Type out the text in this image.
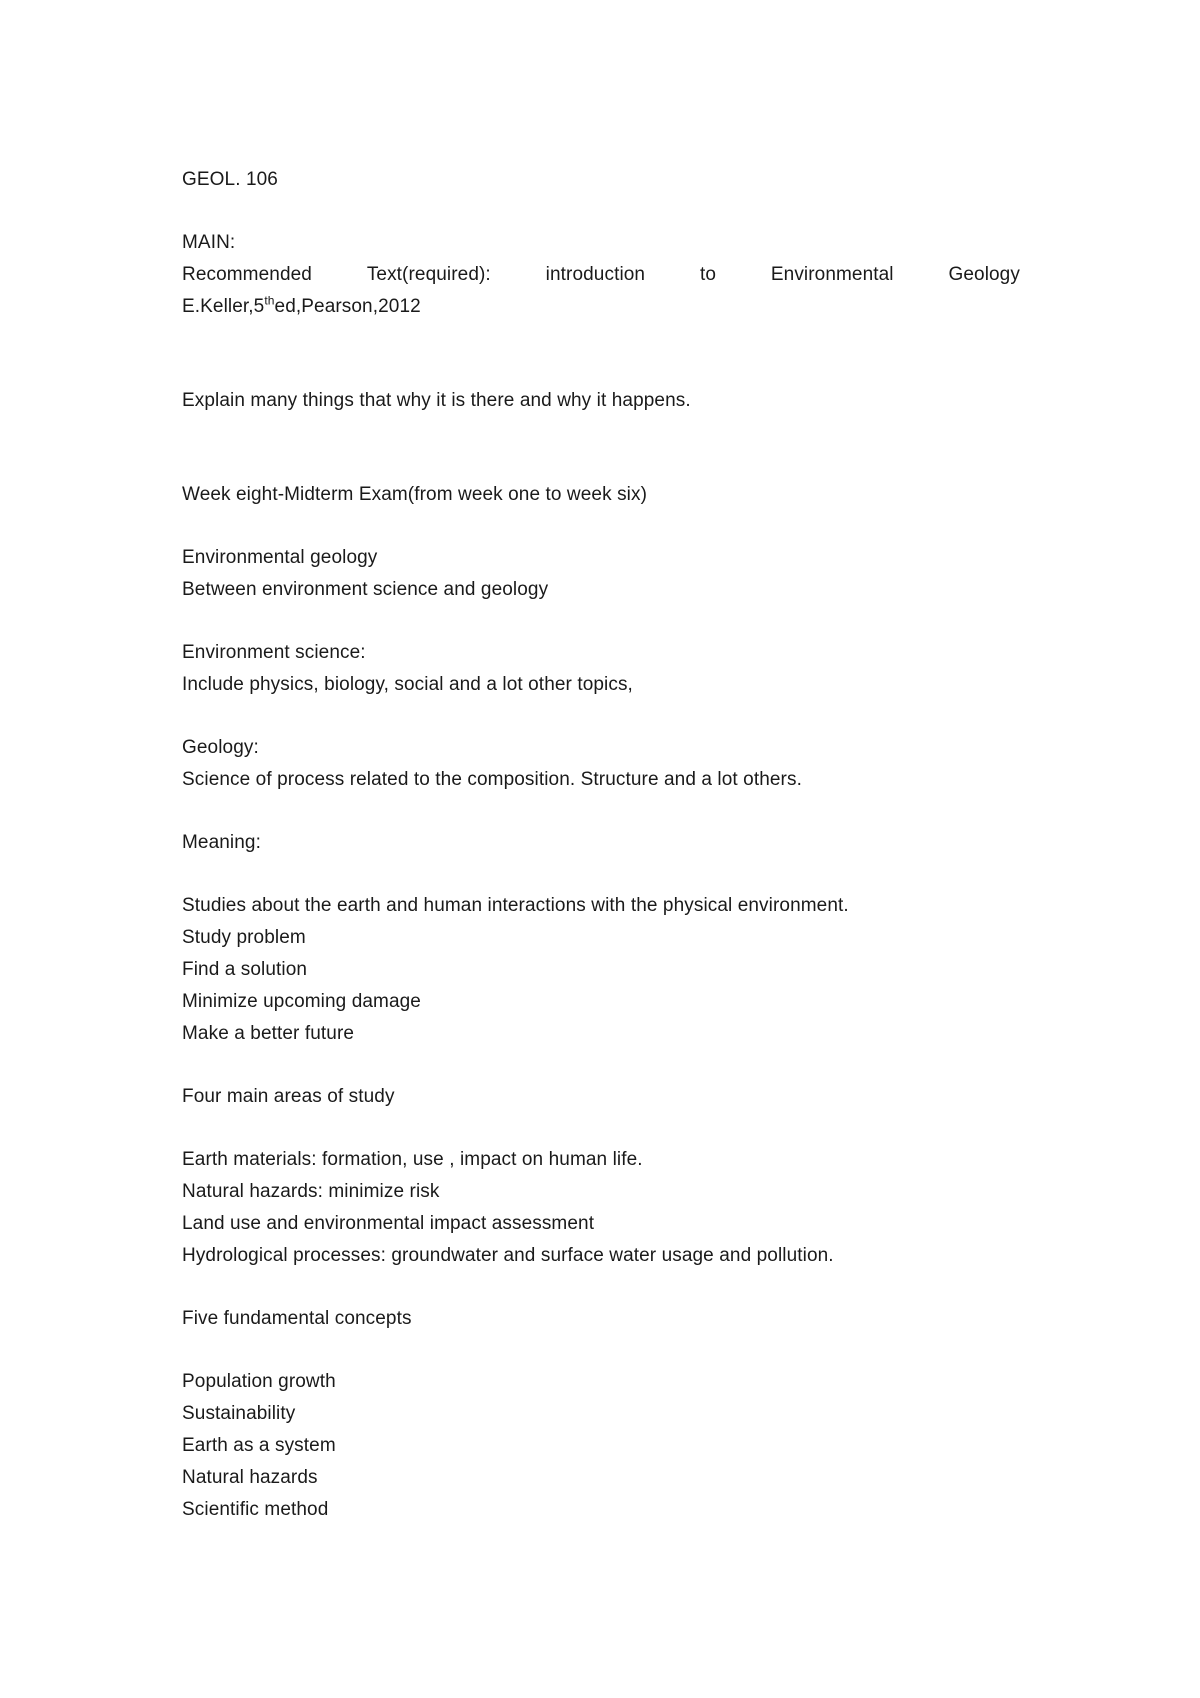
GEOL. 106
MAIN:
Recommended	Text(required):	introduction	to	Environmental	Geology
E.Keller,5thed,Pearson,2012
Explain many things that why it is there and why it happens.
Week eight-Midterm Exam(from week one to week six)
Environmental geology
Between environment science and geology
Environment science:
Include physics, biology, social and a lot other topics,
Geology:
Science of process related to the composition. Structure and a lot others.
Meaning:
Studies about the earth and human interactions with the physical environment.
Study problem
Find a solution
Minimize upcoming damage
Make a better future
Four main areas of study
Earth materials: formation, use , impact on human life.
Natural hazards: minimize risk
Land use and environmental impact assessment
Hydrological processes: groundwater and surface water usage and pollution.
Five fundamental concepts
Population growth
Sustainability
Earth as a system
Natural hazards
Scientific method
